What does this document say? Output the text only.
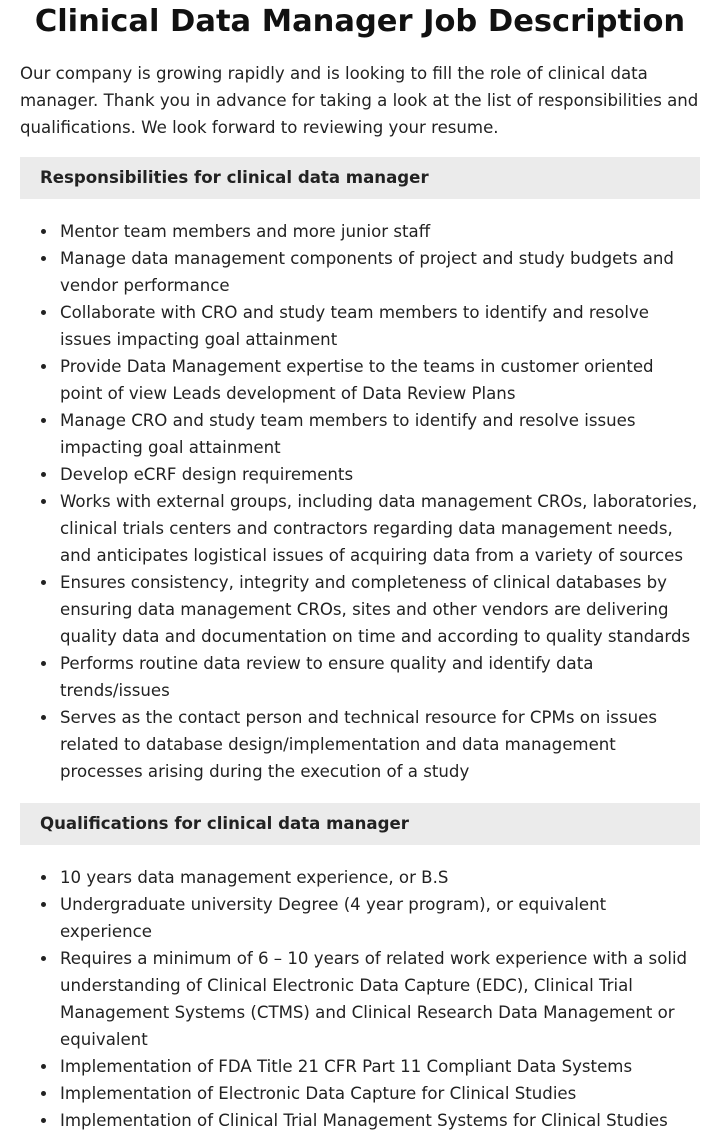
Clinical Data Manager Job Description

Our company is growing rapidly and is looking to fill the role of clinical data manager. Thank you in advance for taking a look at the list of responsibilities and qualifications. We look forward to reviewing your resume.

Responsibilities for clinical data manager
Mentor team members and more junior staff
Manage data management components of project and study budgets and vendor performance
Collaborate with CRO and study team members to identify and resolve issues impacting goal attainment
Provide Data Management expertise to the teams in customer oriented point of view Leads development of Data Review Plans
Manage CRO and study team members to identify and resolve issues impacting goal attainment
Develop eCRF design requirements
Works with external groups, including data management CROs, laboratories, clinical trials centers and contractors regarding data management needs, and anticipates logistical issues of acquiring data from a variety of sources
Ensures consistency, integrity and completeness of clinical databases by ensuring data management CROs, sites and other vendors are delivering quality data and documentation on time and according to quality standards
Performs routine data review to ensure quality and identify data trends/issues
Serves as the contact person and technical resource for CPMs on issues related to database design/implementation and data management processes arising during the execution of a study
Qualifications for clinical data manager
10 years data management experience, or B.S
Undergraduate university Degree (4 year program), or equivalent experience
Requires a minimum of 6 – 10 years of related work experience with a solid understanding of Clinical Electronic Data Capture (EDC), Clinical Trial Management Systems (CTMS) and Clinical Research Data Management or equivalent
Implementation of FDA Title 21 CFR Part 11 Compliant Data Systems
Implementation of Electronic Data Capture for Clinical Studies
Implementation of Clinical Trial Management Systems for Clinical Studies
